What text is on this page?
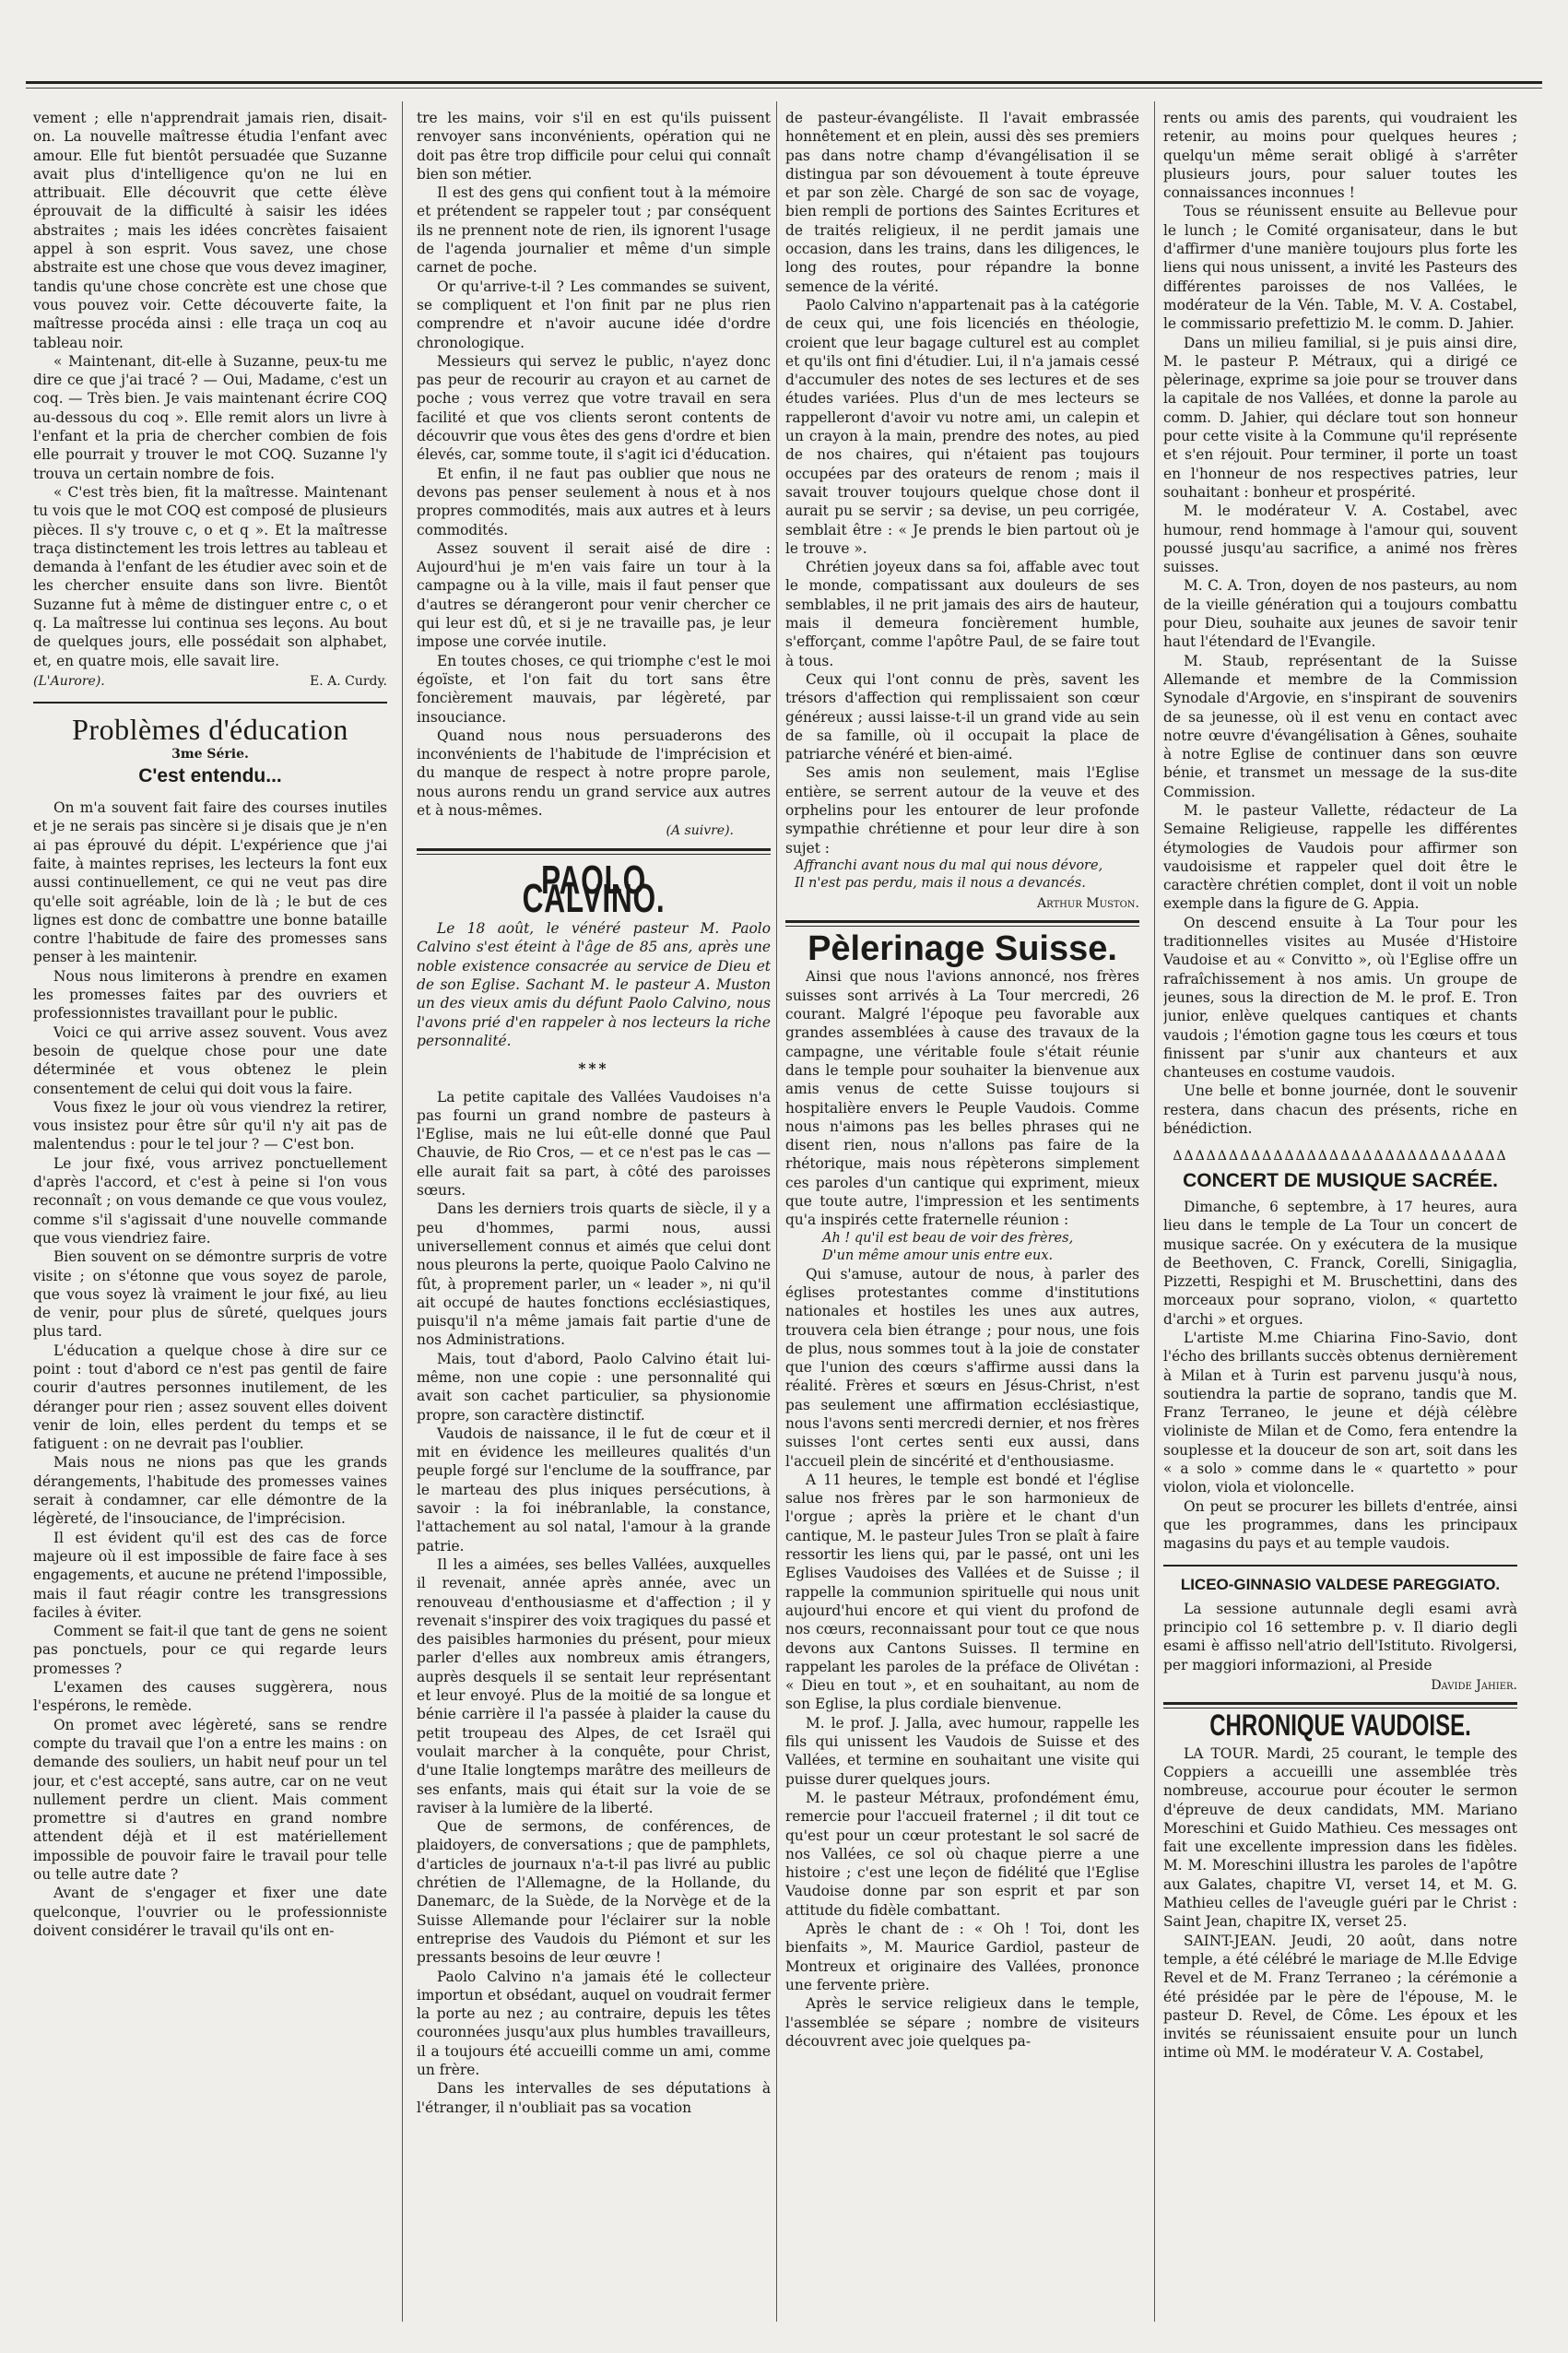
vement ; elle n'apprendrait jamais rien, disait-on. La nouvelle maîtresse étudia l'enfant avec amour. Elle fut bientôt persuadée que Suzanne avait plus d'intelligence qu'on ne lui en attribuait. Elle découvrit que cette élève éprouvait de la difficulté à saisir les idées abstraites ; mais les idées concrètes faisaient appel à son esprit. Vous savez, une chose abstraite est une chose que vous devez imaginer, tandis qu'une chose concrète est une chose que vous pouvez voir. Cette découverte faite, la maîtresse procéda ainsi : elle traça un coq au tableau noir.

« Maintenant, dit-elle à Suzanne, peux-tu me dire ce que j'ai tracé ? — Oui, Madame, c'est un coq. — Très bien. Je vais maintenant écrire COQ au-dessous du coq ». Elle remit alors un livre à l'enfant et la pria de chercher combien de fois elle pourrait y trouver le mot COQ. Suzanne l'y trouva un certain nombre de fois.

« C'est très bien, fit la maîtresse. Maintenant tu vois que le mot COQ est composé de plusieurs pièces. Il s'y trouve c, o et q ». Et la maîtresse traça distinctement les trois lettres au tableau et demanda à l'enfant de les étudier avec soin et de les chercher ensuite dans son livre. Bientôt Suzanne fut à même de distinguer entre c, o et q. La maîtresse lui continua ses leçons. Au bout de quelques jours, elle possédait son alphabet, et, en quatre mois, elle savait lire.

(L'Aurore).	E. A. Curdy.
Problèmes d'éducation
3me Série.
C'est entendu...

On m'a souvent fait faire des courses inutiles et je ne serais pas sincère si je disais que je n'en ai pas éprouvé du dépit. L'expérience que j'ai faite, à maintes reprises, les lecteurs la font eux aussi continuellement, ce qui ne veut pas dire qu'elle soit agréable, loin de là ; le but de ces lignes est donc de combattre une bonne bataille contre l'habitude de faire des promesses sans penser à les maintenir.

Nous nous limiterons à prendre en examen les promesses faites par des ouvriers et professionnistes travaillant pour le public.

Voici ce qui arrive assez souvent. Vous avez besoin de quelque chose pour une date déterminée et vous obtenez le plein consentement de celui qui doit vous la faire.

Vous fixez le jour où vous viendrez la retirer, vous insistez pour être sûr qu'il n'y ait pas de malentendus : pour le tel jour ? — C'est bon.

Le jour fixé, vous arrivez ponctuellement d'après l'accord, et c'est à peine si l'on vous reconnaît ; on vous demande ce que vous voulez, comme s'il s'agissait d'une nouvelle commande que vous viendriez faire.

Bien souvent on se démontre surpris de votre visite ; on s'étonne que vous soyez de parole, que vous soyez là vraiment le jour fixé, au lieu de venir, pour plus de sûreté, quelques jours plus tard.

L'éducation a quelque chose à dire sur ce point : tout d'abord ce n'est pas gentil de faire courir d'autres personnes inutilement, de les déranger pour rien ; assez souvent elles doivent venir de loin, elles perdent du temps et se fatiguent : on ne devrait pas l'oublier.

Mais nous ne nions pas que les grands dérangements, l'habitude des promesses vaines serait à condamner, car elle démontre de la légèreté, de l'insouciance, de l'imprécision.

Il est évident qu'il est des cas de force majeure où il est impossible de faire face à ses engagements, et aucune ne prétend l'impossible, mais il faut réagir contre les transgressions faciles à éviter.

Comment se fait-il que tant de gens ne soient pas ponctuels, pour ce qui regarde leurs promesses ?

L'examen des causes suggèrera, nous l'espérons, le remède.

On promet avec légèreté, sans se rendre compte du travail que l'on a entre les mains : on demande des souliers, un habit neuf pour un tel jour, et c'est accepté, sans autre, car on ne veut nullement perdre un client. Mais comment promettre si d'autres en grand nombre attendent déjà et il est matériellement impossible de pouvoir faire le travail pour telle ou telle autre date ?

Avant de s'engager et fixer une date quelconque, l'ouvrier ou le professionniste doivent considérer le travail qu'ils ont en-

tre les mains, voir s'il en est qu'ils puissent renvoyer sans inconvénients, opération qui ne doit pas être trop difficile pour celui qui connaît bien son métier.

Il est des gens qui confient tout à la mémoire et prétendent se rappeler tout ; par conséquent ils ne prennent note de rien, ils ignorent l'usage de l'agenda journalier et même d'un simple carnet de poche.

Or qu'arrive-t-il ? Les commandes se suivent, se compliquent et l'on finit par ne plus rien comprendre et n'avoir aucune idée d'ordre chronologique.

Messieurs qui servez le public, n'ayez donc pas peur de recourir au crayon et au carnet de poche ; vous verrez que votre travail en sera facilité et que vos clients seront contents de découvrir que vous êtes des gens d'ordre et bien élevés, car, somme toute, il s'agit ici d'éducation.

Et enfin, il ne faut pas oublier que nous ne devons pas penser seulement à nous et à nos propres commodités, mais aux autres et à leurs commodités.

Assez souvent il serait aisé de dire : Aujourd'hui je m'en vais faire un tour à la campagne ou à la ville, mais il faut penser que d'autres se dérangeront pour venir chercher ce qui leur est dû, et si je ne travaille pas, je leur impose une corvée inutile.

En toutes choses, ce qui triomphe c'est le moi égoïste, et l'on fait du tort sans être foncièrement mauvais, par légèreté, par insouciance.

Quand nous nous persuaderons des inconvénients de l'habitude de l'imprécision et du manque de respect à notre propre parole, nous aurons rendu un grand service aux autres et à nous-mêmes.

(A suivre).
PAOLO CALVINO.

Le 18 août, le vénéré pasteur M. Paolo Calvino s'est éteint à l'âge de 85 ans, après une noble existence consacrée au service de Dieu et de son Eglise. Sachant M. le pasteur A. Muston un des vieux amis du défunt Paolo Calvino, nous l'avons prié d'en rappeler à nos lecteurs la riche personnalité.

***

La petite capitale des Vallées Vaudoises n'a pas fourni un grand nombre de pasteurs à l'Eglise, mais ne lui eût-elle donné que Paul Chauvie, de Rio Cros, — et ce n'est pas le cas — elle aurait fait sa part, à côté des paroisses sœurs.

Dans les derniers trois quarts de siècle, il y a peu d'hommes, parmi nous, aussi universellement connus et aimés que celui dont nous pleurons la perte, quoique Paolo Calvino ne fût, à proprement parler, un « leader », ni qu'il ait occupé de hautes fonctions ecclésiastiques, puisqu'il n'a même jamais fait partie d'une de nos Administrations.

Mais, tout d'abord, Paolo Calvino était lui-même, non une copie : une personnalité qui avait son cachet particulier, sa physionomie propre, son caractère distinctif.

Vaudois de naissance, il le fut de cœur et il mit en évidence les meilleures qualités d'un peuple forgé sur l'enclume de la souffrance, par le marteau des plus iniques persécutions, à savoir : la foi inébranlable, la constance, l'attachement au sol natal, l'amour à la grande patrie.

Il les a aimées, ses belles Vallées, auxquelles il revenait, année après année, avec un renouveau d'enthousiasme et d'affection ; il y revenait s'inspirer des voix tragiques du passé et des paisibles harmonies du présent, pour mieux parler d'elles aux nombreux amis étrangers, auprès desquels il se sentait leur représentant et leur envoyé. Plus de la moitié de sa longue et bénie carrière il l'a passée à plaider la cause du petit troupeau des Alpes, de cet Israël qui voulait marcher à la conquête, pour Christ, d'une Italie longtemps marâtre des meilleurs de ses enfants, mais qui était sur la voie de se raviser à la lumière de la liberté.

Que de sermons, de conférences, de plaidoyers, de conversations ; que de pamphlets, d'articles de journaux n'a-t-il pas livré au public chrétien de l'Allemagne, de la Hollande, du Danemarc, de la Suède, de la Norvège et de la Suisse Allemande pour l'éclairer sur la noble entreprise des Vaudois du Piémont et sur les pressants besoins de leur œuvre !

Paolo Calvino n'a jamais été le collecteur importun et obsédant, auquel on voudrait fermer la porte au nez ; au contraire, depuis les têtes couronnées jusqu'aux plus humbles travailleurs, il a toujours été accueilli comme un ami, comme un frère.

Dans les intervalles de ses députations à l'étranger, il n'oubliait pas sa vocation

de pasteur-évangéliste. Il l'avait embrassée honnêtement et en plein, aussi dès ses premiers pas dans notre champ d'évangélisation il se distingua par son dévouement à toute épreuve et par son zèle. Chargé de son sac de voyage, bien rempli de portions des Saintes Ecritures et de traités religieux, il ne perdit jamais une occasion, dans les trains, dans les diligences, le long des routes, pour répandre la bonne semence de la vérité.

Paolo Calvino n'appartenait pas à la catégorie de ceux qui, une fois licenciés en théologie, croient que leur bagage culturel est au complet et qu'ils ont fini d'étudier. Lui, il n'a jamais cessé d'accumuler des notes de ses lectures et de ses études variées. Plus d'un de mes lecteurs se rappelleront d'avoir vu notre ami, un calepin et un crayon à la main, prendre des notes, au pied de nos chaires, qui n'étaient pas toujours occupées par des orateurs de renom ; mais il savait trouver toujours quelque chose dont il aurait pu se servir ; sa devise, un peu corrigée, semblait être : « Je prends le bien partout où je le trouve ».

Chrétien joyeux dans sa foi, affable avec tout le monde, compatissant aux douleurs de ses semblables, il ne prit jamais des airs de hauteur, mais il demeura foncièrement humble, s'efforçant, comme l'apôtre Paul, de se faire tout à tous.

Ceux qui l'ont connu de près, savent les trésors d'affection qui remplissaient son cœur généreux ; aussi laisse-t-il un grand vide au sein de sa famille, où il occupait la place de patriarche vénéré et bien-aimé.

Ses amis non seulement, mais l'Eglise entière, se serrent autour de la veuve et des orphelins pour les entourer de leur profonde sympathie chrétienne et pour leur dire à son sujet :

Affranchi avant nous du mal qui nous dévore,
Il n'est pas perdu, mais il nous a devancés.
Arthur Muston.
Pèlerinage Suisse.

Ainsi que nous l'avions annoncé, nos frères suisses sont arrivés à La Tour mercredi, 26 courant. Malgré l'époque peu favorable aux grandes assemblées à cause des travaux de la campagne, une véritable foule s'était réunie dans le temple pour souhaiter la bienvenue aux amis venus de cette Suisse toujours si hospitalière envers le Peuple Vaudois. Comme nous n'aimons pas les belles phrases qui ne disent rien, nous n'allons pas faire de la rhétorique, mais nous répèterons simplement ces paroles d'un cantique qui expriment, mieux que toute autre, l'impression et les sentiments qu'a inspirés cette fraternelle réunion :

Ah ! qu'il est beau de voir des frères,
D'un même amour unis entre eux.

Qui s'amuse, autour de nous, à parler des églises protestantes comme d'institutions nationales et hostiles les unes aux autres, trouvera cela bien étrange ; pour nous, une fois de plus, nous sommes tout à la joie de constater que l'union des cœurs s'affirme aussi dans la réalité. Frères et sœurs en Jésus-Christ, n'est pas seulement une affirmation ecclésiastique, nous l'avons senti mercredi dernier, et nos frères suisses l'ont certes senti eux aussi, dans l'accueil plein de sincérité et d'enthousiasme.

A 11 heures, le temple est bondé et l'église salue nos frères par le son harmonieux de l'orgue ; après la prière et le chant d'un cantique, M. le pasteur Jules Tron se plaît à faire ressortir les liens qui, par le passé, ont uni les Eglises Vaudoises des Vallées et de Suisse ; il rappelle la communion spirituelle qui nous unit aujourd'hui encore et qui vient du profond de nos cœurs, reconnaissant pour tout ce que nous devons aux Cantons Suisses. Il termine en rappelant les paroles de la préface de Olivétan : « Dieu en tout », et en souhaitant, au nom de son Eglise, la plus cordiale bienvenue.

M. le prof. J. Jalla, avec humour, rappelle les fils qui unissent les Vaudois de Suisse et des Vallées, et termine en souhaitant une visite qui puisse durer quelques jours.

M. le pasteur Métraux, profondément ému, remercie pour l'accueil fraternel ; il dit tout ce qu'est pour un cœur protestant le sol sacré de nos Vallées, ce sol où chaque pierre a une histoire ; c'est une leçon de fidélité que l'Eglise Vaudoise donne par son esprit et par son attitude du fidèle combattant.

Après le chant de : « Oh ! Toi, dont les bienfaits », M. Maurice Gardiol, pasteur de Montreux et originaire des Vallées, prononce une fervente prière.

Après le service religieux dans le temple, l'assemblée se sépare ; nombre de visiteurs découvrent avec joie quelques pa-

rents ou amis des parents, qui voudraient les retenir, au moins pour quelques heures ; quelqu'un même serait obligé à s'arrêter plusieurs jours, pour saluer toutes les connaissances inconnues !

Tous se réunissent ensuite au Bellevue pour le lunch ; le Comité organisateur, dans le but d'affirmer d'une manière toujours plus forte les liens qui nous unissent, a invité les Pasteurs des différentes paroisses de nos Vallées, le modérateur de la Vén. Table, M. V. A. Costabel, le commissario prefettizio M. le comm. D. Jahier.

Dans un milieu familial, si je puis ainsi dire, M. le pasteur P. Métraux, qui a dirigé ce pèlerinage, exprime sa joie pour se trouver dans la capitale de nos Vallées, et donne la parole au comm. D. Jahier, qui déclare tout son honneur pour cette visite à la Commune qu'il représente et s'en réjouit. Pour terminer, il porte un toast en l'honneur de nos respectives patries, leur souhaitant : bonheur et prospérité.

M. le modérateur V. A. Costabel, avec humour, rend hommage à l'amour qui, souvent poussé jusqu'au sacrifice, a animé nos frères suisses.

M. C. A. Tron, doyen de nos pasteurs, au nom de la vieille génération qui a toujours combattu pour Dieu, souhaite aux jeunes de savoir tenir haut l'étendard de l'Evangile.

M. Staub, représentant de la Suisse Allemande et membre de la Commission Synodale d'Argovie, en s'inspirant de souvenirs de sa jeunesse, où il est venu en contact avec notre œuvre d'évangélisation à Gênes, souhaite à notre Eglise de continuer dans son œuvre bénie, et transmet un message de la sus-dite Commission.

M. le pasteur Vallette, rédacteur de La Semaine Religieuse, rappelle les différentes étymologies de Vaudois pour affirmer son vaudoisisme et rappeler quel doit être le caractère chrétien complet, dont il voit un noble exemple dans la figure de G. Appia.

On descend ensuite à La Tour pour les traditionnelles visites au Musée d'Histoire Vaudoise et au « Convitto », où l'Eglise offre un rafraîchissement à nos amis. Un groupe de jeunes, sous la direction de M. le prof. E. Tron junior, enlève quelques cantiques et chants vaudois ; l'émotion gagne tous les cœurs et tous finissent par s'unir aux chanteurs et aux chanteuses en costume vaudois.

Une belle et bonne journée, dont le souvenir restera, dans chacun des présents, riche en bénédiction.

ΔΔΔΔΔΔΔΔΔΔΔΔΔΔΔΔΔΔΔΔΔΔΔΔΔΔΔΔΔΔ
CONCERT DE MUSIQUE SACRÉE.

Dimanche, 6 septembre, à 17 heures, aura lieu dans le temple de La Tour un concert de musique sacrée. On y exécutera de la musique de Beethoven, C. Franck, Corelli, Sinigaglia, Pizzetti, Respighi et M. Bruschettini, dans des morceaux pour soprano, violon, « quartetto d'archi » et orgues.

L'artiste M.me Chiarina Fino-Savio, dont l'écho des brillants succès obtenus dernièrement à Milan et à Turin est parvenu jusqu'à nous, soutiendra la partie de soprano, tandis que M. Franz Terraneo, le jeune et déjà célèbre violiniste de Milan et de Como, fera entendre la souplesse et la douceur de son art, soit dans les « a solo » comme dans le « quartetto » pour violon, viola et violoncelle.

On peut se procurer les billets d'entrée, ainsi que les programmes, dans les principaux magasins du pays et au temple vaudois.

LICEO-GINNASIO VALDESE PAREGGIATO.

La sessione autunnale degli esami avrà principio col 16 settembre p. v. Il diario degli esami è affisso nell'atrio dell'Istituto. Rivolgersi, per maggiori informazioni, al Preside

Davide Jahier.
CHRONIQUE VAUDOISE.

LA TOUR. Mardi, 25 courant, le temple des Coppiers a accueilli une assemblée très nombreuse, accourue pour écouter le sermon d'épreuve de deux candidats, MM. Mariano Moreschini et Guido Mathieu. Ces messages ont fait une excellente impression dans les fidèles. M. M. Moreschini illustra les paroles de l'apôtre aux Galates, chapitre VI, verset 14, et M. G. Mathieu celles de l'aveugle guéri par le Christ : Saint Jean, chapitre IX, verset 25.

SAINT-JEAN. Jeudi, 20 août, dans notre temple, a été célébré le mariage de M.lle Edvige Revel et de M. Franz Terraneo ; la cérémonie a été présidée par le père de l'épouse, M. le pasteur D. Revel, de Côme. Les époux et les invités se réunissaient ensuite pour un lunch intime où MM. le modérateur V. A. Costabel,
